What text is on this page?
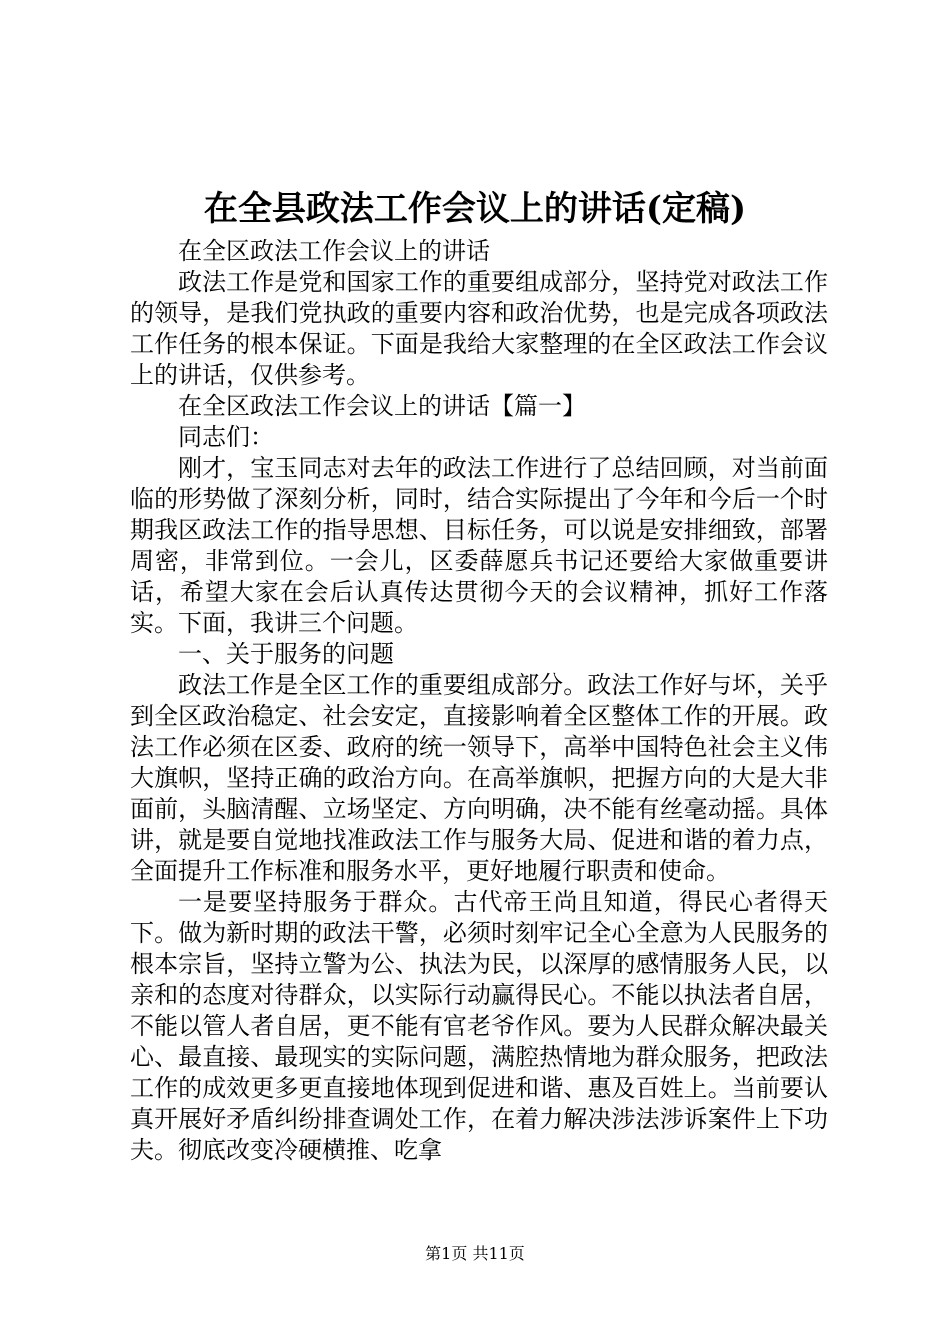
在全县政法工作会议上的讲话(定稿)

在全区政法工作会议上的讲话

政法工作是党和国家工作的重要组成部分，坚持党对政法工作的领导，是我们党执政的重要内容和政治优势，也是完成各项政法工作任务的根本保证。下面是我给大家整理的在全区政法工作会议上的讲话，仅供参考。

在全区政法工作会议上的讲话【篇一】

同志们：

刚才，宝玉同志对去年的政法工作进行了总结回顾，对当前面临的形势做了深刻分析，同时，结合实际提出了今年和今后一个时期我区政法工作的指导思想、目标任务，可以说是安排细致，部署周密，非常到位。一会儿，区委薛愿兵书记还要给大家做重要讲话，希望大家在会后认真传达贯彻今天的会议精神，抓好工作落实。下面，我讲三个问题。

一、关于服务的问题

政法工作是全区工作的重要组成部分。政法工作好与坏，关乎到全区政治稳定、社会安定，直接影响着全区整体工作的开展。政法工作必须在区委、政府的统一领导下，高举中国特色社会主义伟大旗帜，坚持正确的政治方向。在高举旗帜，把握方向的大是大非面前，头脑清醒、立场坚定、方向明确，决不能有丝毫动摇。具体讲，就是要自觉地找准政法工作与服务大局、促进和谐的着力点，全面提升工作标准和服务水平，更好地履行职责和使命。

一是要坚持服务于群众。古代帝王尚且知道，得民心者得天下。做为新时期的政法干警，必须时刻牢记全心全意为人民服务的根本宗旨，坚持立警为公、执法为民，以深厚的感情服务人民，以亲和的态度对待群众，以实际行动赢得民心。不能以执法者自居，不能以管人者自居，更不能有官老爷作风。要为人民群众解决最关心、最直接、最现实的实际问题，满腔热情地为群众服务，把政法工作的成效更多更直接地体现到促进和谐、惠及百姓上。当前要认真开展好矛盾纠纷排查调处工作，在着力解决涉法涉诉案件上下功夫。彻底改变冷硬横推、吃拿

第1页 共11页
